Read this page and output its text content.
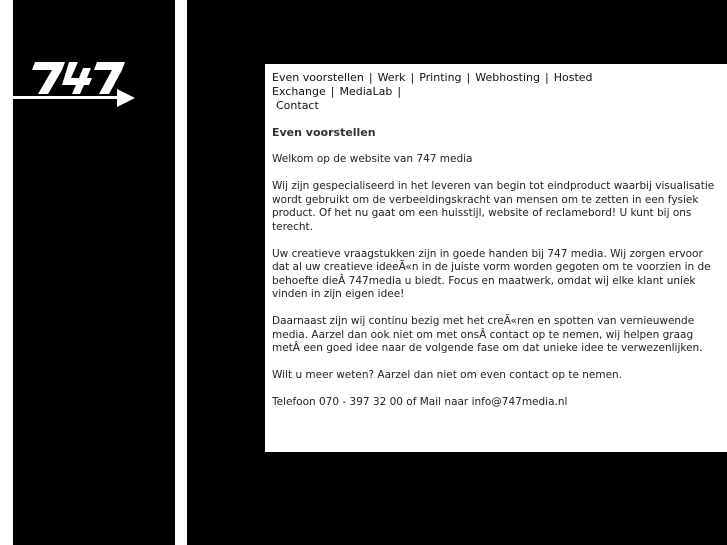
Even voorstellen | Werk | Printing | Webhosting | Hosted Exchange | MediaLab |
Contact
Even voorstellen

Welkom op de website van 747 media

Wij zijn gespecialiseerd in het leveren van begin tot eindproduct waarbij visualisatie wordt gebruikt om de verbeeldingskracht van mensen om te zetten in een fysiek product. Of het nu gaat om een huisstijl, website of reclamebord! U kunt bij ons terecht.

Uw creatieve vraagstukken zijn in goede handen bij 747 media. Wij zorgen ervoor dat al uw creatieve ideeÃ«n in de juiste vorm worden gegoten om te voorzien in de behoefte dieÂ 747media u biedt. Focus en maatwerk, omdat wij elke klant uniek vinden in zijn eigen idee!

Daarnaast zijn wij continu bezig met het creÃ«ren en spotten van vernieuwende media. Aarzel dan ook niet om met onsÂ contact op te nemen, wij helpen graag metÂ een goed idee naar de volgende fase om dat unieke idee te verwezenlijken.

Wilt u meer weten? Aarzel dan niet om even contact op te nemen.

Telefoon 070 - 397 32 00 of Mail naar info@747media.nl
